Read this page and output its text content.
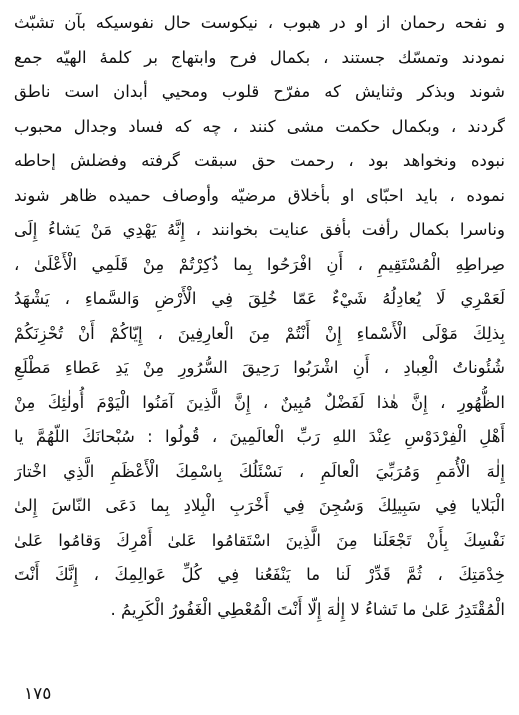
و نفحه رحمان از او در هبوب ، نیکوست حال نفوسیکه بآن تشبّث
نمودند وتمسّك جستند ، بكمال فرح وابتهاج بر كلمهٔ الهيّه جمع
شوند وبذكر وثنايش كه مفرّح قلوب ومحيي أبدان است ناطق
گردند ، وبكمال حكمت مشى كنند ، چه كه فساد وجدال محبوب
نبوده ونخواهد بود ، رحمت حق سبقت گرفته وفضلش إحاطه
نموده ، بايد احبّاى او بأخلاق مرضيّه وأوصاف حميده ظاهر شوند
وناسرا بكمال رأفت بأفق عنايت بخوانند ، إِنَّهُ يَهْدِي مَنْ يَشاءُ إِلَى
صِراطِهِ الْمُسْتَقِيمِ ، أَنِ افْرَحُوا بِما ذُكِرْتُمْ مِنْ قَلَمِي الْأَعْلَىٰ ،
لَعَمْرِي لَا يُعادِلُهُ شَيْءٌ عَمّا خُلِقَ فِي الْأَرْضِ وَالسَّماءِ ، يَشْهَدُ
بِذلِكَ مَوْلَى الْأَسْماءِ إِنْ أَنْتُمْ مِنَ الْعارِفِينَ ، إِيّاكُمْ أَنْ تُحْزِنَكُمْ
شُئُوناتُ الْعِبادِ ، أَنِ اشْرَبُوا رَحِيقَ السُّرُورِ مِنْ يَدِ عَطاءِ مَطْلَعِ
الظُّهُورِ ، إِنَّ هٰذا لَفَضْلٌ مُبِينٌ ، إِنَّ الَّذِينَ آمَنُوا الْيَوْمَ أُولٰئِكَ مِنْ
أَهْلِ الْفِرْدَوْسِ عِنْدَ اللهِ رَبِّ الْعالَمِينَ ، قُولُوا : سُبْحانَكَ اللّهُمَّ يا
إِلٰهَ الْأُمَمِ وَمُرَبِّيَ الْعالَمِ ، نَسْئَلُكَ بِاسْمِكَ الْأَعْظَمِ الَّذِي اخْتارَ
الْبَلايا فِي سَبِيلِكَ وَسُجِنَ فِي أَخْرَبِ الْبِلادِ بِما دَعَى النّاسَ إِلىٰ
نَفْسِكَ بِأَنْ تَجْعَلَنا مِنَ الَّذِينَ اسْتَقامُوا عَلىٰ أَمْرِكَ وَقامُوا عَلىٰ
خِدْمَتِكَ ، ثُمَّ قَدِّرْ لَنا ما يَنْفَعُنا فِي كُلِّ عَوالِمِكَ ، إِنَّكَ أَنْتَ
الْمُقْتَدِرُ عَلىٰ ما تَشاءُ لا إِلٰهَ إِلّا أَنْتَ الْمُعْطِي الْغَفُورُ الْكَرِيمُ .
١٧٥
